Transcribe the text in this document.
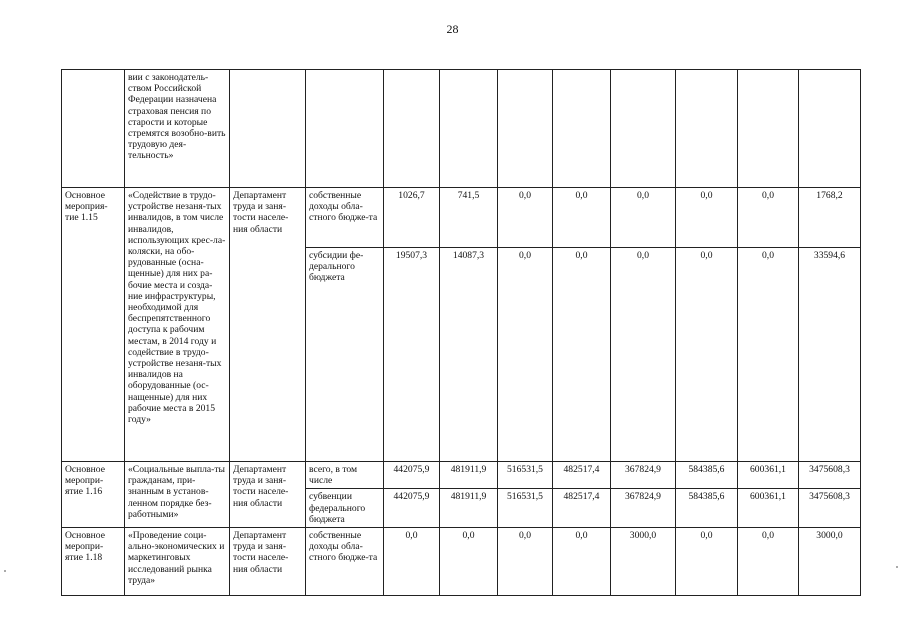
28
	вии с законодатель-ством Российской Федерации назначена страховая пенсия по старости и которые стремятся возобно-вить трудовую дея-тельность»										
Основное мероприя-тие 1.15	«Содействие в трудо-устройстве незаня-тых инвалидов, в том числе инвалидов, использующих крес-ла-коляски, на обо-рудованные (осна-щенные) для них ра-бочие места и созда-ние инфраструктуры, необходимой для беспрепятственного доступа к рабочим местам, в 2014 году и содействие в трудо-устройстве незаня-тых инвалидов на оборудованные (ос-нащенные) для них рабочие места в 2015 году»	Департамент труда и заня-тости населе-ния области	собственные доходы обла-стного бюдже-та	1026,7	741,5	0,0	0,0	0,0	0,0	0,0	1768,2
			субсидии фе-дерального бюджета	19507,3	14087,3	0,0	0,0	0,0	0,0	0,0	33594,6
Основное меропри-ятие 1.16	«Социальные выпла-ты гражданам, при-знанным в установ-ленном порядке без-работными»	Департамент труда и заня-тости населе-ния области	всего, в том числе	442075,9	481911,9	516531,5	482517,4	367824,9	584385,6	600361,1	3475608,3
			субвенции федерального бюджета	442075,9	481911,9	516531,5	482517,4	367824,9	584385,6	600361,1	3475608,3
Основное меропри-ятие 1.18	«Проведение соци-ально-экономических и маркетинговых исследований рынка труда»	Департамент труда и заня-тости населе-ния области	собственные доходы обла-стного бюдже-та	0,0	0,0	0,0	0,0	3000,0	0,0	0,0	3000,0
